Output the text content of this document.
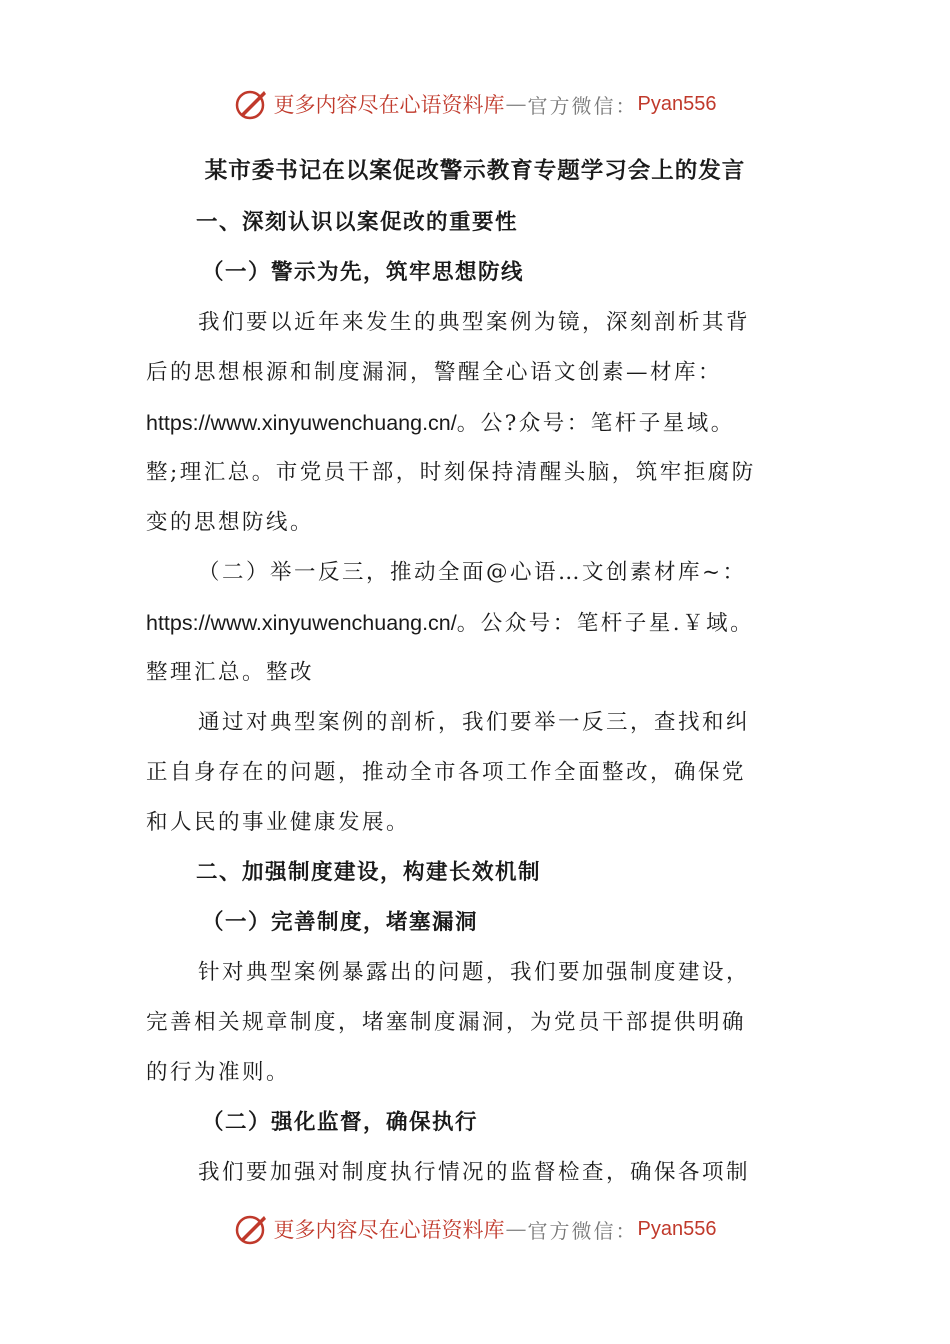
更多内容尽在心语资料库 — 官方微信： Pyan556
某市委书记在以案促改警示教育专题学习会上的发言
一、深刻认识以案促改的重要性
（一）警示为先，筑牢思想防线
我们要以近年来发生的典型案例为镜，深刻剖析其背
后的思想根源和制度漏洞，警醒全心语文创素—材库：
https://www.xinyuwenchuang.cn/。公?众号：笔杆子星域。
整;理汇总。市党员干部，时刻保持清醒头脑，筑牢拒腐防
变的思想防线。
（二）举一反三，推动全面@心语…文创素材库~：
https://www.xinyuwenchuang.cn/。公众号：笔杆子星.￥域。
整理汇总。整改
通过对典型案例的剖析，我们要举一反三，查找和纠
正自身存在的问题，推动全市各项工作全面整改，确保党
和人民的事业健康发展。
二、加强制度建设，构建长效机制
（一）完善制度，堵塞漏洞
针对典型案例暴露出的问题，我们要加强制度建设，
完善相关规章制度，堵塞制度漏洞，为党员干部提供明确
的行为准则。
（二）强化监督，确保执行
我们要加强对制度执行情况的监督检查，确保各项制
更多内容尽在心语资料库 — 官方微信： Pyan556
